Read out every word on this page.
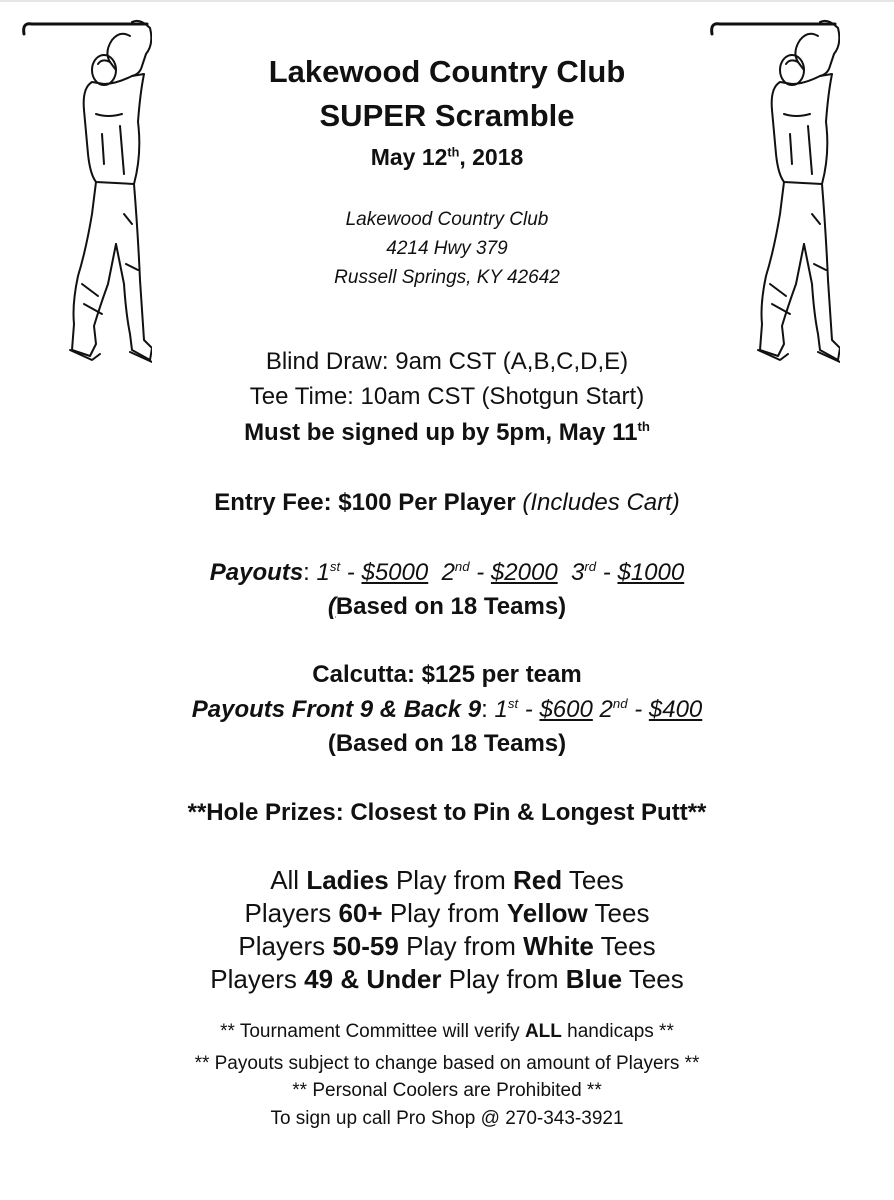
Lakewood Country Club
SUPER Scramble
May 12th, 2018
Lakewood Country Club
4214 Hwy 379
Russell Springs, KY 42642
Blind Draw: 9am CST (A,B,C,D,E)
Tee Time: 10am CST (Shotgun Start)
Must be signed up by 5pm, May 11th
Entry Fee: $100 Per Player (Includes Cart)
Payouts: 1st - $5000 2nd - $2000 3rd - $1000
(Based on 18 Teams)
Calcutta: $125 per team
Payouts Front 9 & Back 9: 1st - $600 2nd - $400
(Based on 18 Teams)
**Hole Prizes: Closest to Pin & Longest Putt**
All Ladies Play from Red Tees
Players 60+ Play from Yellow Tees
Players 50-59 Play from White Tees
Players 49 & Under Play from Blue Tees
** Tournament Committee will verify ALL handicaps **
** Payouts subject to change based on amount of Players **
** Personal Coolers are Prohibited **
To sign up call Pro Shop @ 270-343-3921
